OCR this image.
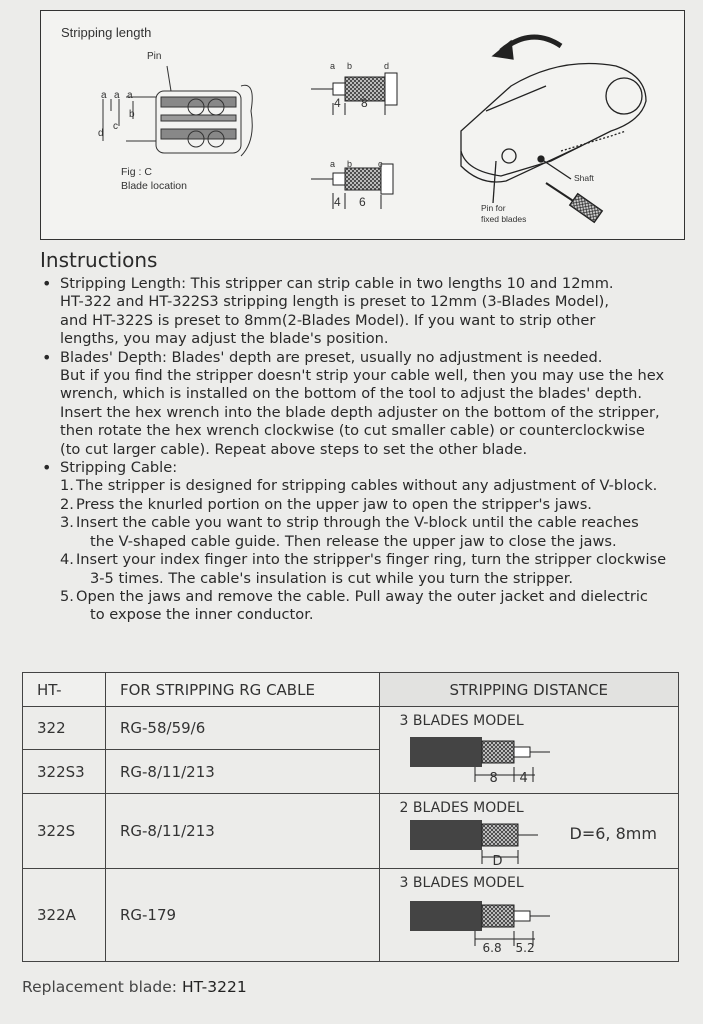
Stripping length
Pin
a a a
b
c
d
Fig : C
Blade location
a b	d
4 8
a b	c
4 6
Shaft
Pin for
fixed blades
Instructions
• Stripping Length: This stripper can strip cable in two lengths 10 and 12mm.
HT-322 and HT-322S3 stripping length is preset to 12mm (3-Blades Model),
and HT-322S is preset to 8mm(2-Blades Model). If you want to strip other
lengths, you may adjust the blade's position.
• Blades' Depth: Blades' depth are preset, usually no adjustment is needed.
But if you find the stripper doesn't strip your cable well, then you may use the hex
wrench, which is installed on the bottom of the tool to adjust the blades' depth.
Insert the hex wrench into the blade depth adjuster on the bottom of the stripper,
then rotate the hex wrench clockwise (to cut smaller cable) or counterclockwise
(to cut larger cable). Repeat above steps to set the other blade.
• Stripping Cable:
1. The stripper is designed for stripping cables without any adjustment of V-block.
2. Press the knurled portion on the upper jaw to open the stripper's jaws.
3. Insert the cable you want to strip through the V-block until the cable reaches
the V-shaped cable guide. Then release the upper jaw to close the jaws.
4. Insert your index finger into the stripper's finger ring, turn the stripper clockwise
3-5 times. The cable's insulation is cut while you turn the stripper.
5. Open the jaws and remove the cable. Pull away the outer jacket and dielectric
to expose the inner conductor.
HT-	FOR STRIPPING RG CABLE	STRIPPING DISTANCE
322	RG-58/59/6	3 BLADES MODEL
8 4

322S3	RG-8/11/213	
322S	RG-8/11/213	2 BLADES MODEL
D
D=6, 8mm

322A	RG-179	3 BLADES MODEL
6.8 5.2
Replacement blade: HT-3221
